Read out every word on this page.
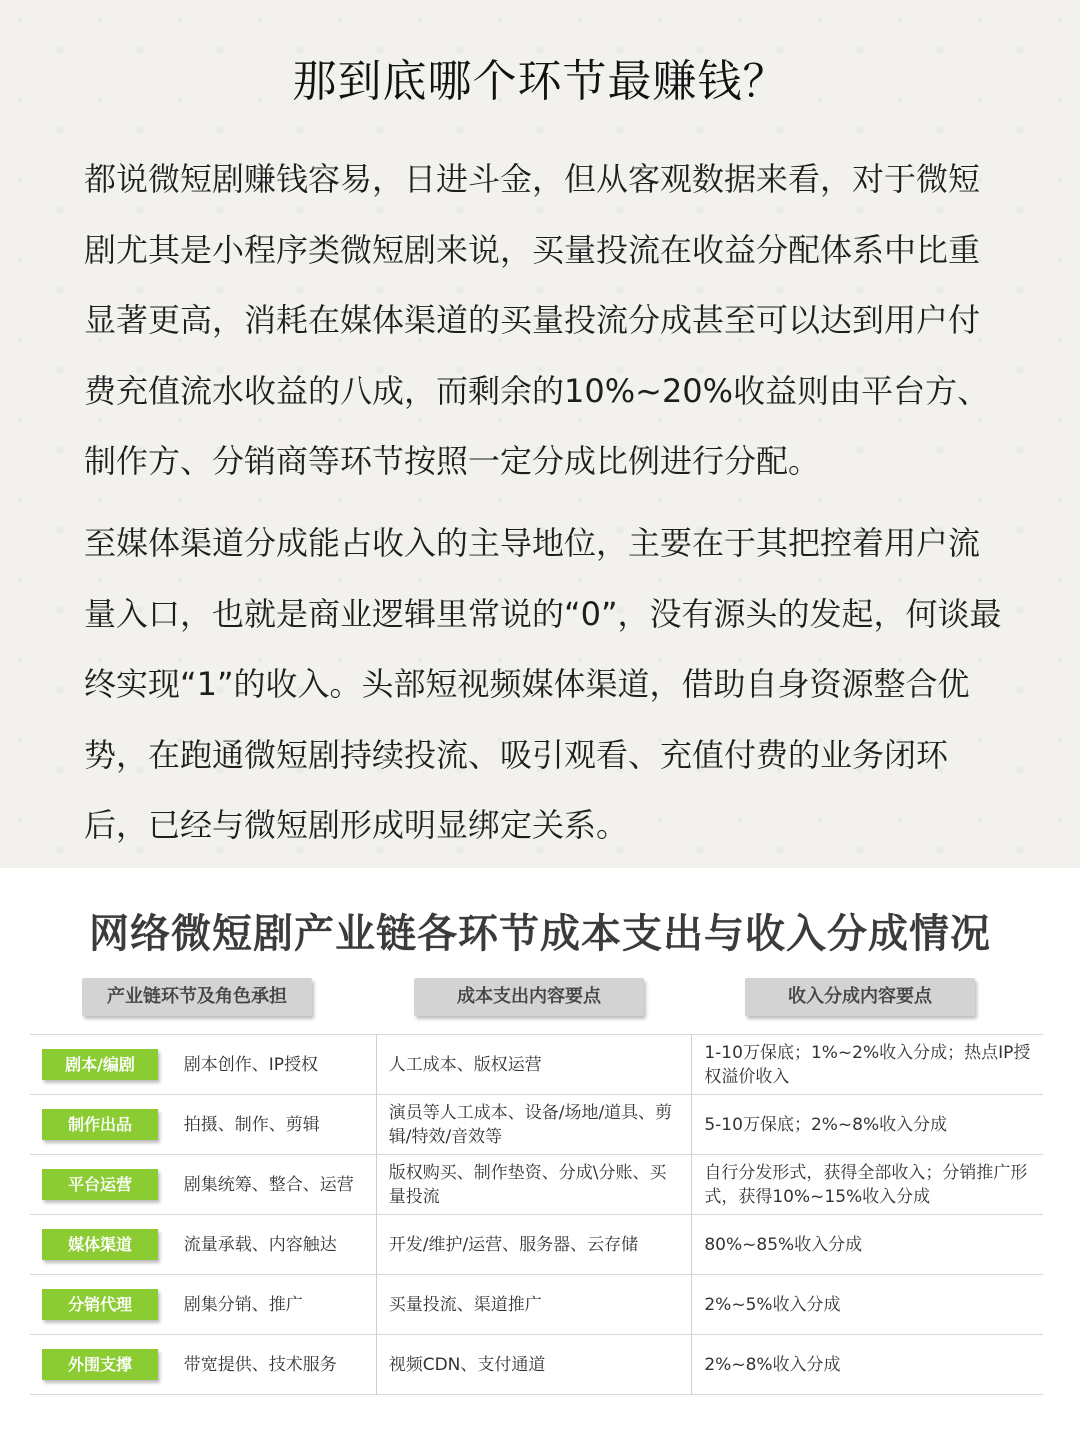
那到底哪个环节最赚钱？

都说微短剧赚钱容易，日进斗金，但从客观数据来看，对于微短剧尤其是小程序类微短剧来说，买量投流在收益分配体系中比重显著更高，消耗在媒体渠道的买量投流分成甚至可以达到用户付费充值流水收益的八成，而剩余的10%~20%收益则由平台方、制作方、分销商等环节按照一定分成比例进行分配。

至媒体渠道分成能占收入的主导地位，主要在于其把控着用户流量入口，也就是商业逻辑里常说的“0”，没有源头的发起，何谈最终实现“1”的收入。头部短视频媒体渠道，借助自身资源整合优势，在跑通微短剧持续投流、吸引观看、充值付费的业务闭环后，已经与微短剧形成明显绑定关系。

网络微短剧产业链各环节成本支出与收入分成情况
产业链环节及角色承担	成本支出内容要点	收入分成内容要点
剧本/编剧	剧本创作、IP授权	人工成本、版权运营	1-10万保底；1%~2%收入分成；热点IP授权溢价收入
制作出品	拍摄、制作、剪辑	演员等人工成本、设备/场地/道具、剪辑/特效/音效等	5-10万保底；2%~8%收入分成
平台运营	剧集统筹、整合、运营	版权购买、制作垫资、分成\分账、买量投流	自行分发形式，获得全部收入；分销推广形式，获得10%~15%收入分成
媒体渠道	流量承载、内容触达	开发/维护/运营、服务器、云存储	80%~85%收入分成
分销代理	剧集分销、推广	买量投流、渠道推广	2%~5%收入分成
外围支撑	带宽提供、技术服务	视频CDN、支付通道	2%~8%收入分成
